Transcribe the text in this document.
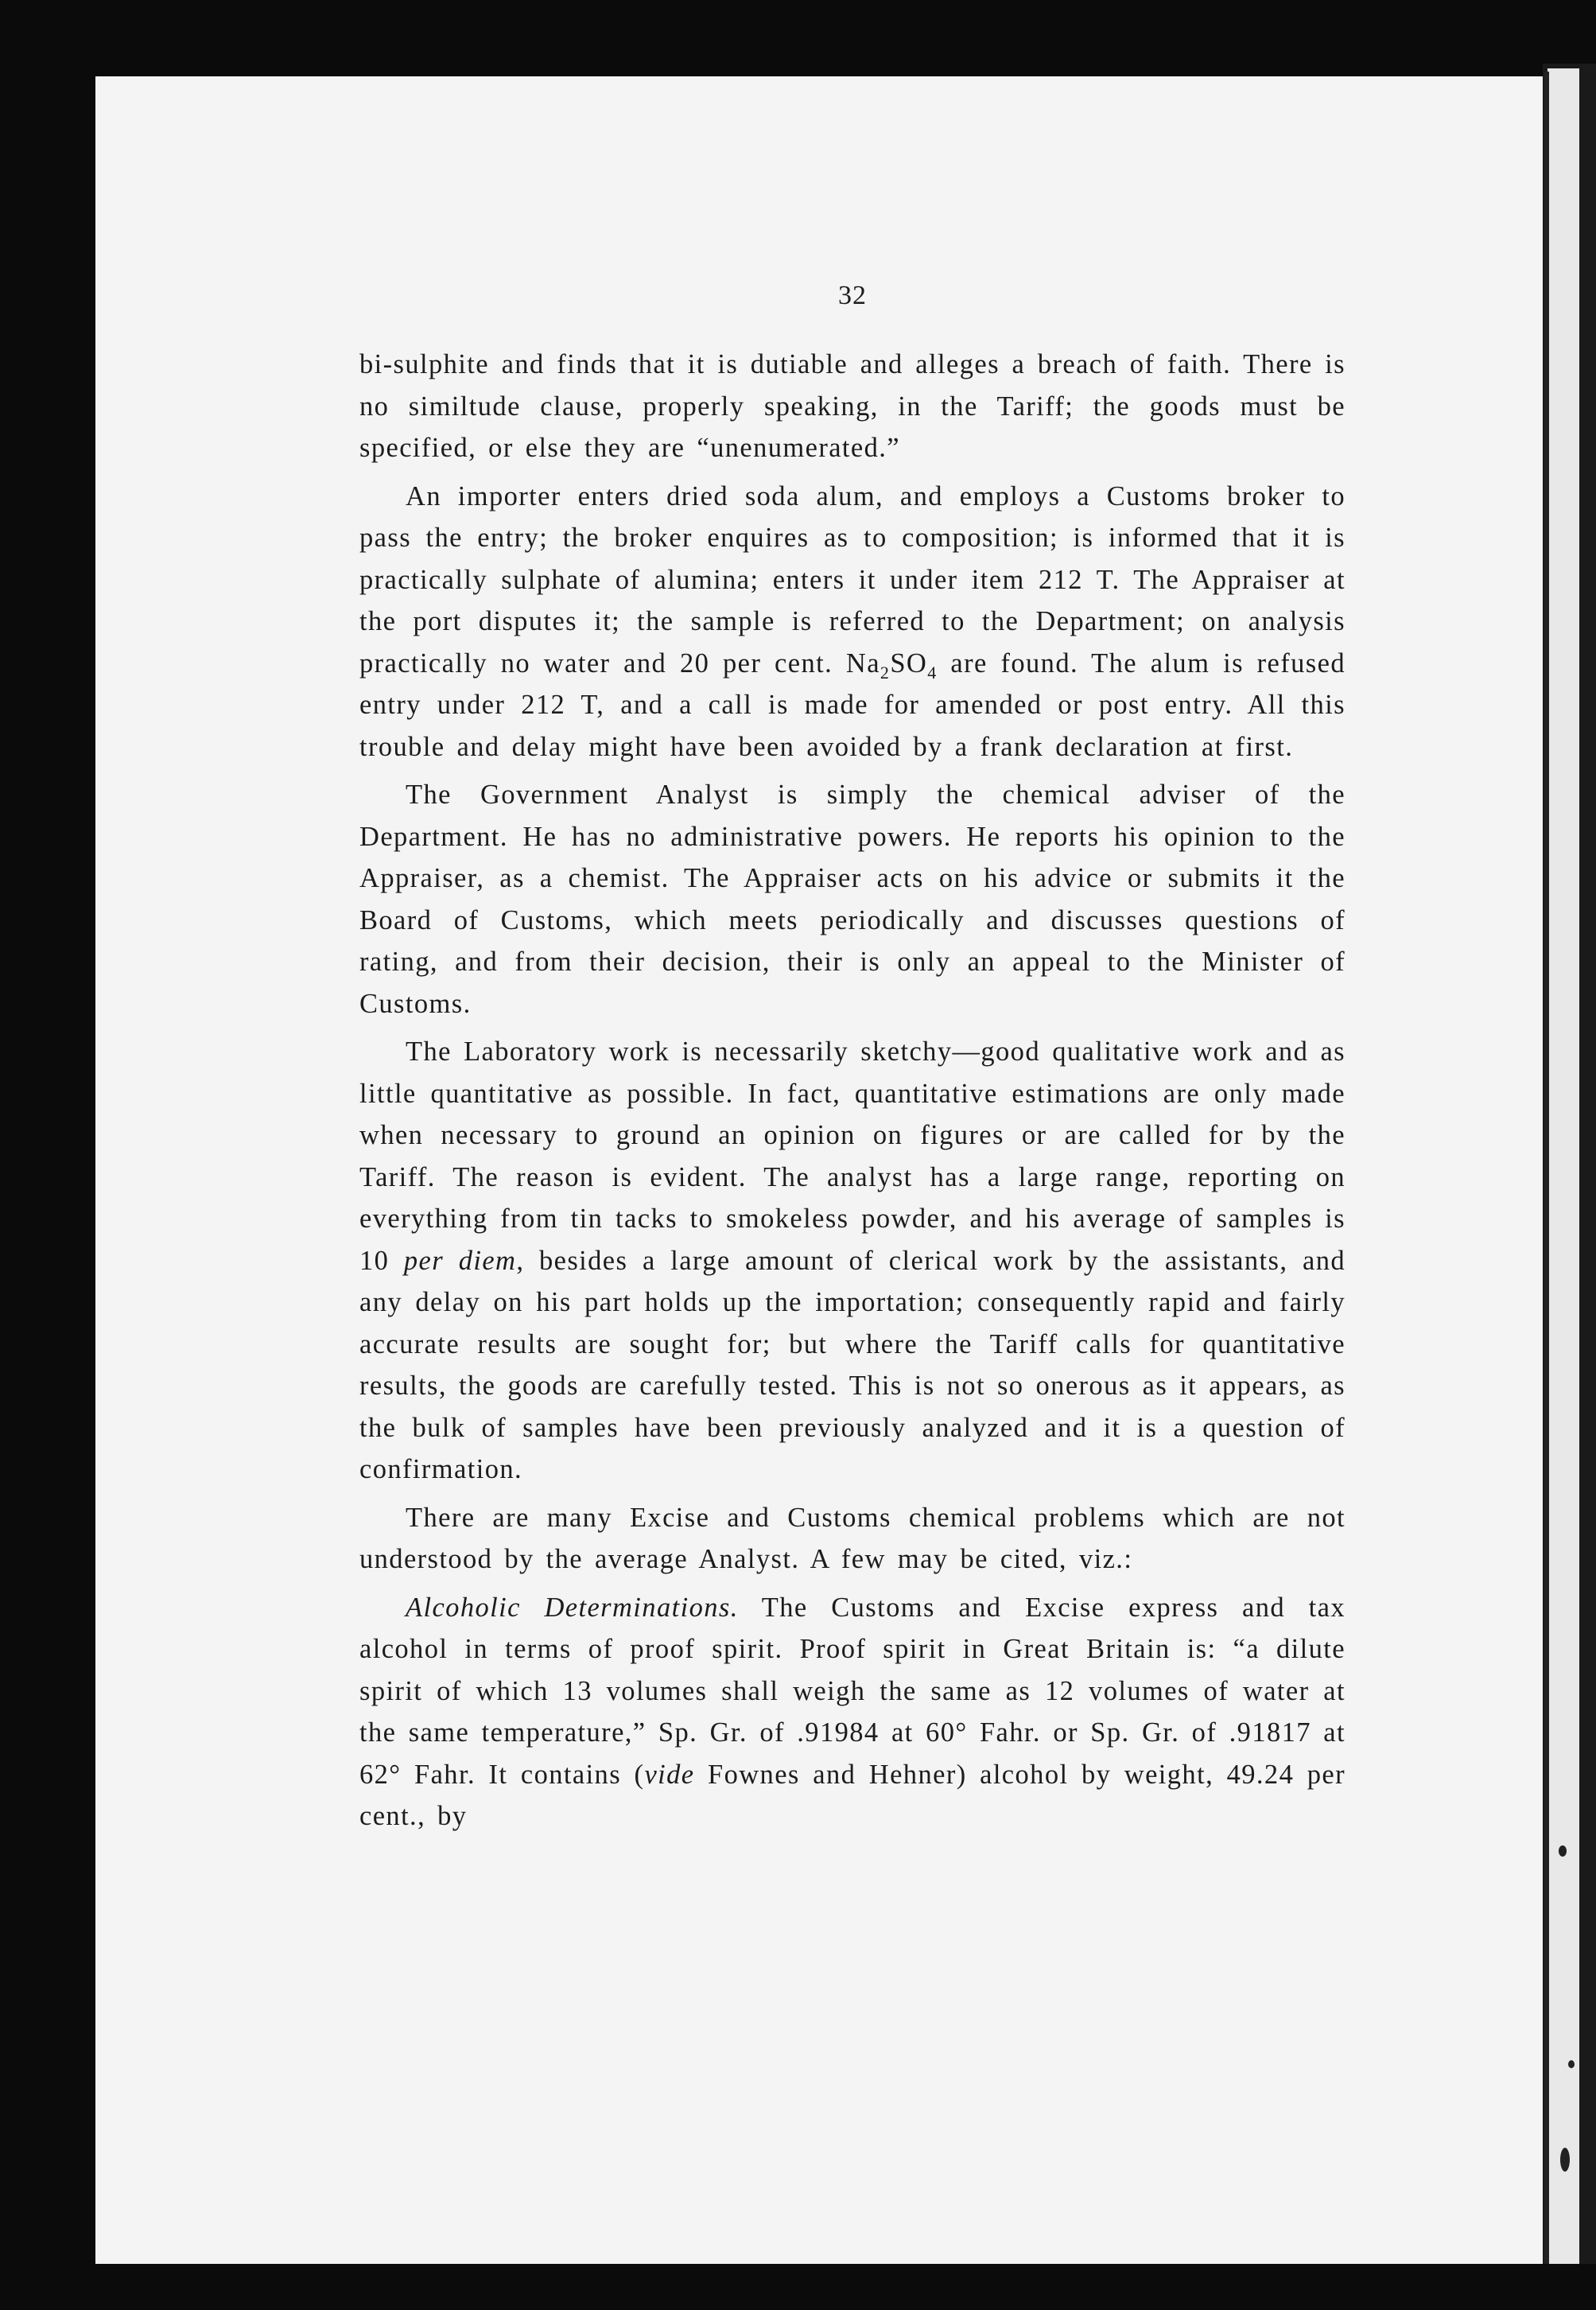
32

bi-sulphite and finds that it is dutiable and alleges a breach of faith. There is no similtude clause, properly speaking, in the Tariff; the goods must be specified, or else they are “unenumerated.”

An importer enters dried soda alum, and employs a Customs broker to pass the entry; the broker enquires as to composition; is informed that it is practically sulphate of alumina; enters it under item 212 T. The Appraiser at the port disputes it; the sample is referred to the Department; on analysis practically no water and 20 per cent. $Na_2SO_4$ are found. The alum is refused entry under 212 T, and a call is made for amended or post entry. All this trouble and delay might have been avoided by a frank declaration at first.

The Government Analyst is simply the chemical adviser of the Department. He has no administrative powers. He reports his opinion to the Appraiser, as a chemist. The Appraiser acts on his advice or submits it the Board of Customs, which meets periodically and discusses questions of rating, and from their decision, their is only an appeal to the Minister of Customs.

The Laboratory work is necessarily sketchy—good qualitative work and as little quantitative as possible. In fact, quantitative estimations are only made when necessary to ground an opinion on figures or are called for by the Tariff. The reason is evident. The analyst has a large range, reporting on everything from tin tacks to smokeless powder, and his average of samples is 10 per diem, besides a large amount of clerical work by the assistants, and any delay on his part holds up the importation; consequently rapid and fairly accurate results are sought for; but where the Tariff calls for quantitative results, the goods are carefully tested. This is not so onerous as it appears, as the bulk of samples have been previously analyzed and it is a question of confirmation.

There are many Excise and Customs chemical problems which are not understood by the average Analyst. A few may be cited, viz.:

Alcoholic Determinations. The Customs and Excise express and tax alcohol in terms of proof spirit. Proof spirit in Great Britain is: “a dilute spirit of which 13 volumes shall weigh the same as 12 volumes of water at the same temperature,” Sp. Gr. of .91984 at 60° Fahr. or Sp. Gr. of .91817 at 62° Fahr. It contains (vide Fownes and Hehner) alcohol by weight, 49.24 per cent., by
